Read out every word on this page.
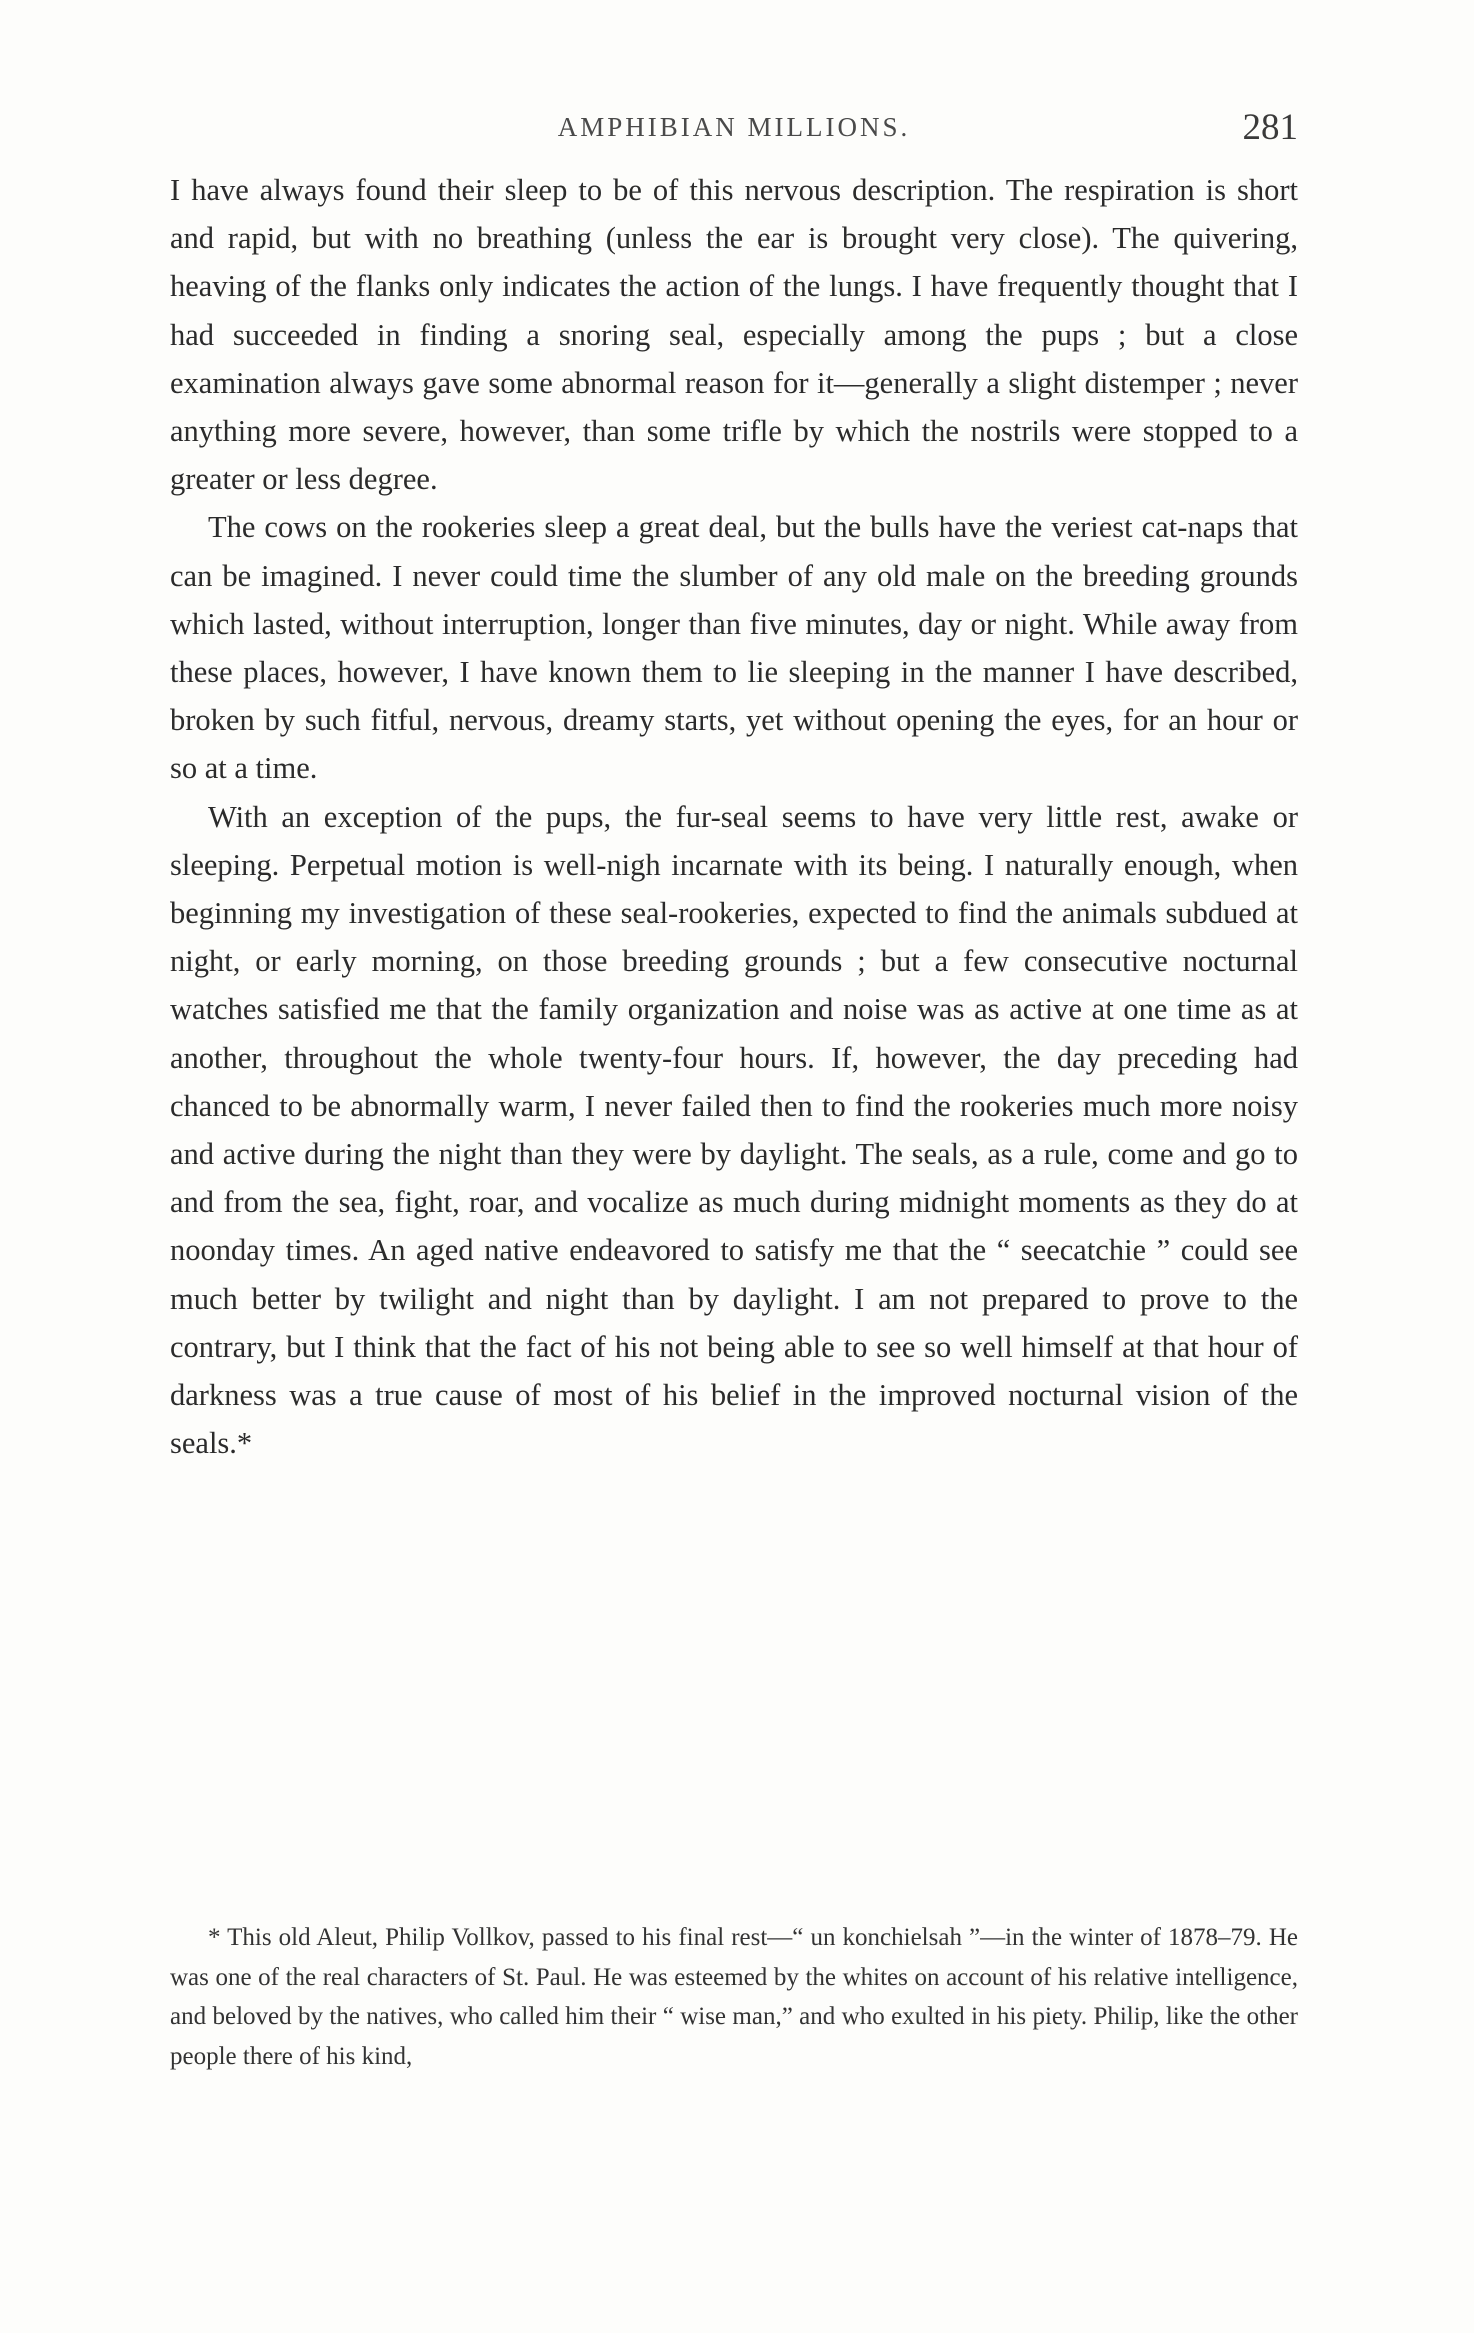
AMPHIBIAN MILLIONS.	281

I have always found their sleep to be of this nervous description. The respiration is short and rapid, but with no breathing (unless the ear is brought very close). The quivering, heaving of the flanks only indicates the action of the lungs. I have frequently thought that I had succeeded in finding a snoring seal, especially among the pups ; but a close examination always gave some abnormal reason for it—generally a slight distemper ; never anything more severe, however, than some trifle by which the nostrils were stopped to a greater or less degree.

The cows on the rookeries sleep a great deal, but the bulls have the veriest cat-naps that can be imagined. I never could time the slumber of any old male on the breeding grounds which lasted, without interruption, longer than five minutes, day or night. While away from these places, however, I have known them to lie sleeping in the manner I have described, broken by such fitful, nervous, dreamy starts, yet without opening the eyes, for an hour or so at a time.

With an exception of the pups, the fur-seal seems to have very little rest, awake or sleeping. Perpetual motion is well-nigh incarnate with its being. I naturally enough, when beginning my investigation of these seal-rookeries, expected to find the animals subdued at night, or early morning, on those breeding grounds ; but a few consecutive nocturnal watches satisfied me that the family organization and noise was as active at one time as at another, throughout the whole twenty-four hours. If, however, the day preceding had chanced to be abnormally warm, I never failed then to find the rookeries much more noisy and active during the night than they were by daylight. The seals, as a rule, come and go to and from the sea, fight, roar, and vocalize as much during midnight moments as they do at noonday times. An aged native endeavored to satisfy me that the “ seecatchie ” could see much better by twilight and night than by daylight. I am not prepared to prove to the contrary, but I think that the fact of his not being able to see so well himself at that hour of darkness was a true cause of most of his belief in the improved nocturnal vision of the seals.*

* This old Aleut, Philip Vollkov, passed to his final rest—“ un konchielsah ”—in the winter of 1878–79. He was one of the real characters of St. Paul. He was esteemed by the whites on account of his relative intelligence, and beloved by the natives, who called him their “ wise man,” and who exulted in his piety. Philip, like the other people there of his kind,
